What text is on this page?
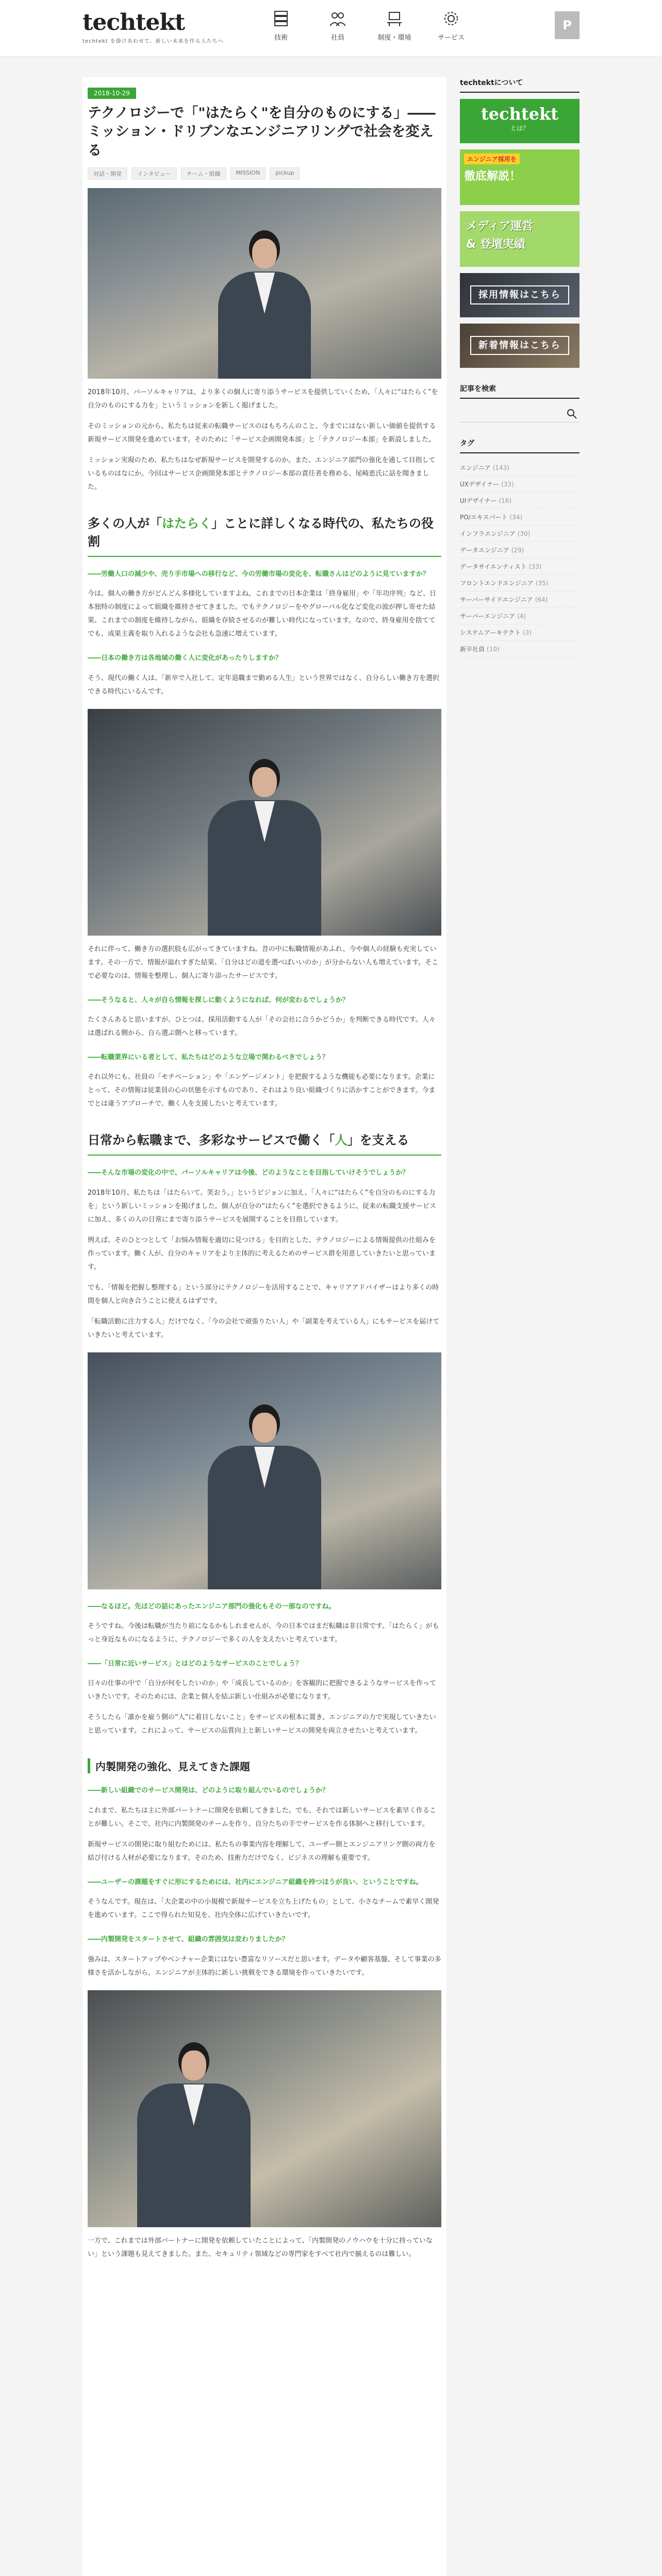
techtekt
techtekt を掛けあわせて、新しい未来を作る人たちへ	技術	社員	制度・環境	サービス
P
2018-10-29
テクノロジーで「"はたらく"を自分のものにする」――ミッション・ドリブンなエンジニアリングで社会を変える
対話・開発	インタビュー	チーム・組織	MISSION	pickup

2018年10月、パーソルキャリアは、より多くの個人に寄り添うサービスを提供していくため、「人々に“はたらく”を自分のものにする力を」というミッションを新しく掲げました。

そのミッションの元から、私たちは従来の転職サービスのはもちろんのこと、今までにはない新しい価値を提供する新規サービス開発を進めています。そのために「サービス企画開発本部」と「テクノロジー本部」を新設しました。

ミッション実現のため、私たちはなぜ新規サービスを開発するのか。また、エンジニア部門の強化を通して目指しているものはなにか。今回はサービス企画開発本部とテクノロジー本部の責任者を務める、尾崎恵氏に話を聞きました。

多くの人が「はたらく」ことに詳しくなる時代の、私たちの役割

――労働人口の減少や、売り手市場への移行など、今の労働市場の変化を、転職さんはどのように見ていますか？

今は、個人の働き方がどんどん多様化していますよね。これまでの日本企業は「終身雇用」や「年功序列」など、日本独特の制度によって組織を維持させてきました。でもテクノロジーをやグローバル化など変化の波が押し寄せた結果、これまでの制度を維持しながら、組織を存続させるのが難しい時代になっています。なので、終身雇用を捨ててでも、成果主義を取り入れるような会社も急速に増えています。

――日本の働き方は各地域の働く人に変化があったりしますか？

そう、現代の働く人は、「新卒で入社して、定年退職まで勤める人生」という世界ではなく、自分らしい働き方を選択できる時代にいるんです。

それに伴って、働き方の選択肢も広がってきていますね。昔の中に転職情報があふれ、今や個人の経験も充実しています。その一方で、情報が溢れすぎた結果、「自分はどの道を選べばいいのか」が分からない人も増えています。そこで必要なのは、情報を整理し、個人に寄り添ったサービスです。

――そうなると、人々が自ら情報を探しに動くようになれば、何が変わるでしょうか？

たくさんあると思いますが、ひとつは、採用活動する人が「その会社に合うかどうか」を判断できる時代です。人々は選ばれる側から、自ら選ぶ側へと移っています。

――転職業界にいる者として、私たちはどのような立場で関わるべきでしょう？

それ以外にも、社員の「モチベーション」や「エンゲージメント」を把握するような機能も必要になります。企業にとって、その情報は従業員の心の状態を示すものであり、それはより良い組織づくりに活かすことができます。今までとは違うアプローチで、働く人を支援したいと考えています。

日常から転職まで、多彩なサービスで働く「人」を支える

――そんな市場の変化の中で、パーソルキャリアは今後、どのようなことを目指していけそうでしょうか？

2018年10月、私たちは「はたらいて、笑おう。」というビジョンに加え、「人々に“はたらく”を自分のものにする力を」という新しいミッションを掲げました。個人が自分の“はたらく”を選択できるように、従来の転職支援サービスに加え、多くの人の日常にまで寄り添うサービスを展開することを目指しています。

例えば、そのひとつとして「お悩み情報を適切に見つける」を目的とした、テクノロジーによる情報提供の仕組みを作っています。働く人が、自分のキャリアをより主体的に考えるためのサービス群を用意していきたいと思っています。

でも、「情報を把握し整理する」という部分にテクノロジーを活用することで、キャリアアドバイザーはより多くの時間を個人と向き合うことに使えるはずです。

「転職活動に注力する人」だけでなく、「今の会社で頑張りたい人」や「副業を考えている人」にもサービスを届けていきたいと考えています。

――なるほど。先ほどの話にあったエンジニア部門の強化もその一部なのですね。

そうですね。今後は転職が当たり前になるかもしれませんが、今の日本ではまだ転職は非日常です。「はたらく」がもっと身近なものになるように、テクノロジーで多くの人を支えたいと考えています。

――「日常に近いサービス」とはどのようなサービスのことでしょう？

日々の仕事の中で「自分が何をしたいのか」や「成長しているのか」を客観的に把握できるようなサービスを作っていきたいです。そのためには、企業と個人を結ぶ新しい仕組みが必要になります。

そうしたら「誰かを雇う側の“人”に着目しないこと」をサービスの根本に置き、エンジニアの力で実現していきたいと思っています。これによって、サービスの品質向上と新しいサービスの開発を両立させたいと考えています。

内製開発の強化、見えてきた課題

――新しい組織でのサービス開発は、どのように取り組んでいるのでしょうか？

これまで、私たちは主に外部パートナーに開発を依頼してきました。でも、それでは新しいサービスを素早く作ることが難しい。そこで、社内に内製開発のチームを作り、自分たちの手でサービスを作る体制へと移行しています。

新規サービスの開発に取り組むためには、私たちの事業内容を理解して、ユーザー側とエンジニアリング側の両方を結び付ける人材が必要になります。そのため、技術力だけでなく、ビジネスの理解も重要です。

――ユーザーの課題をすぐに形にするためには、社内にエンジニア組織を持つほうが良い、ということですね。

そうなんです。現在は、「大企業の中の小規模で新規サービスを立ち上げたもの」として、小さなチームで素早く開発を進めています。ここで得られた知見を、社内全体に広げていきたいです。

――内製開発をスタートさせて、組織の雰囲気は変わりましたか？

強みは、スタートアップやベンチャー企業にはない豊富なリソースだと思います。データや顧客基盤、そして事業の多様さを活かしながら、エンジニアが主体的に新しい挑戦をできる環境を作っていきたいです。

一方で、これまでは外部パートナーに開発を依頼していたことによって、「内製開発のノウハウを十分に持っていない」という課題も見えてきました。また、セキュリティ領域などの専門家をすべて社内で揃えるのは難しい。

techtektについて
techtekt
とは？
エンジニア採用を
徹底解説！
メディア運営
& 登壇実績
採用情報はこちら
新着情報はこちら
記事を検索
タグ
エンジニア (143)
UXデザイナー (33)
UIデザイナー (16)
PO/エキスパート (34)
インフラエンジニア (30)
データエンジニア (29)
データサイエンティスト (33)
フロントエンドエンジニア (35)
サーバーサイドエンジニア (64)
サーバーエンジニア (4)
システムアーキテクト (3)
新卒社員 (10)
